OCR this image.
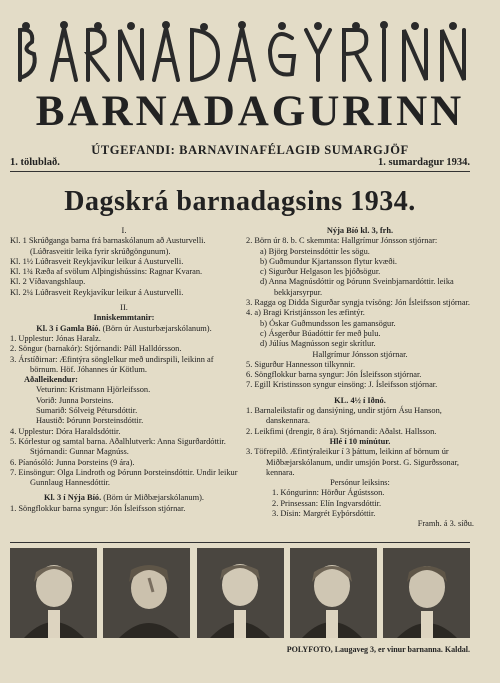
BARNADAGURINN
ÚTGEFANDI: BARNAVINAFÉLAGIÐ SUMARGJÖF
1. tölublað.	1. sumardagur 1934.
Dagskrá barnadagsins 1934.

I.

Kl. 1 Skrúðganga barna frá barnaskólanum að Austurvelli. (Lúðrasveitir leika fyrir skrúðgöngunum).

Kl. 1½ Lúðrasveit Reykjavíkur leikur á Austurvelli.

Kl. 1¾ Ræða af svölum Alþingishússins: Ragnar Kvaran.

Kl. 2 Víðavangshlaup.

Kl. 2¼ Lúðrasveit Reykjavíkur leikur á Austurvelli.

II.

Inniskemmtanir:

Kl. 3 í Gamla Bíó. (Börn úr Austurbæjarskólanum).

1. Upplestur: Jónas Haralz.

2. Söngur (barnakór): Stjórnandi: Páll Halldórsson.

3. Árstíðirnar: Æfintýra sönglelkur með undirspili, leikinn af börnum. Höf. Jóhannes úr Kötlum.

Aðalleikendur:

Veturinn: Kristmann Hjörleifsson.

Vorið: Junna Þorsteins.

Sumarið: Sólveig Pétursdóttir.

Haustið: Þórunn Þorsteinsdóttir.

4. Upplestur: Dóra Haraldsdóttir.

5. Kórlestur og samtal barna. Aðalhlutverk: Anna Sigurðardóttir. Stjórnandi: Gunnar Magnúss.

6. Píanósóló: Junna Þorsteins (9 ára).

7. Einsöngur: Olga Lindroth og Þórunn Þorsteinsdóttir. Undir leikur Gunnlaug Hannesdóttir.

Kl. 3 í Nýja Bíó. (Börn úr Miðbæjarskólanum).

1. Söngflokkur barna syngur: Jón Ísleifsson stjórnar.

Nýja Bíó kl. 3, frh.

2. Börn úr 8. b. C skemmta: Hallgrímur Jónsson stjórnar:

a) Björg Þorsteinsdóttir les sögu.

b) Guðmundur Kjartansson flytur kvæði.

c) Sigurður Helgason les þjóðsögur.

d) Anna Magnúsdóttir og Þórunn Sveinbjarnardóttir. leika bekkjarsyrpur.

3. Ragga og Didda Sigurðar syngja tvísöng: Jón Ísleifsson stjórnar.

4. a) Bragi Kristjánsson les æfintýr.

b) Óskar Guðmundsson les gamansögur.

c) Ásgerður Búadóttir fer með þulu.

d) Júlíus Magnússon segir skrítlur.

Hallgrímur Jónsson stjórnar.

5. Sigurður Hannesson tilkynnir.

6. Söngflokkur barna syngur: Jón Ísleifsson stjórnar.

7. Egill Kristinsson syngur einsöng: J. Ísleifsson stjórnar.

KL. 4½ í Iðnó.

1. Barnaleikstafir og dansiýning, undir stjórn Ásu Hanson, danskennara.

2. Leikfimi (drengir, 8 ára). Stjórnandi: Aðalst. Hallsson.

Hlé í 10 mínútur.

3. Töfrepilð. Æfintýraleikur í 3 þáttum, leikinn af börnum úr Miðbæjarskólanum, undir umsjón Þorst. G. Sigurðssonar, kennara.

Persónur leiksins:

1. Kóngurinn: Hörður Ágústsson.

2. Prinsessan: Elín Ingvarsdóttir.

3. Dísin: Margrét Eyþórsdóttir.

Framh. á 3. síðu.

POLYFOTO, Laugaveg 3, er vinur barnanna. Kaldal.
